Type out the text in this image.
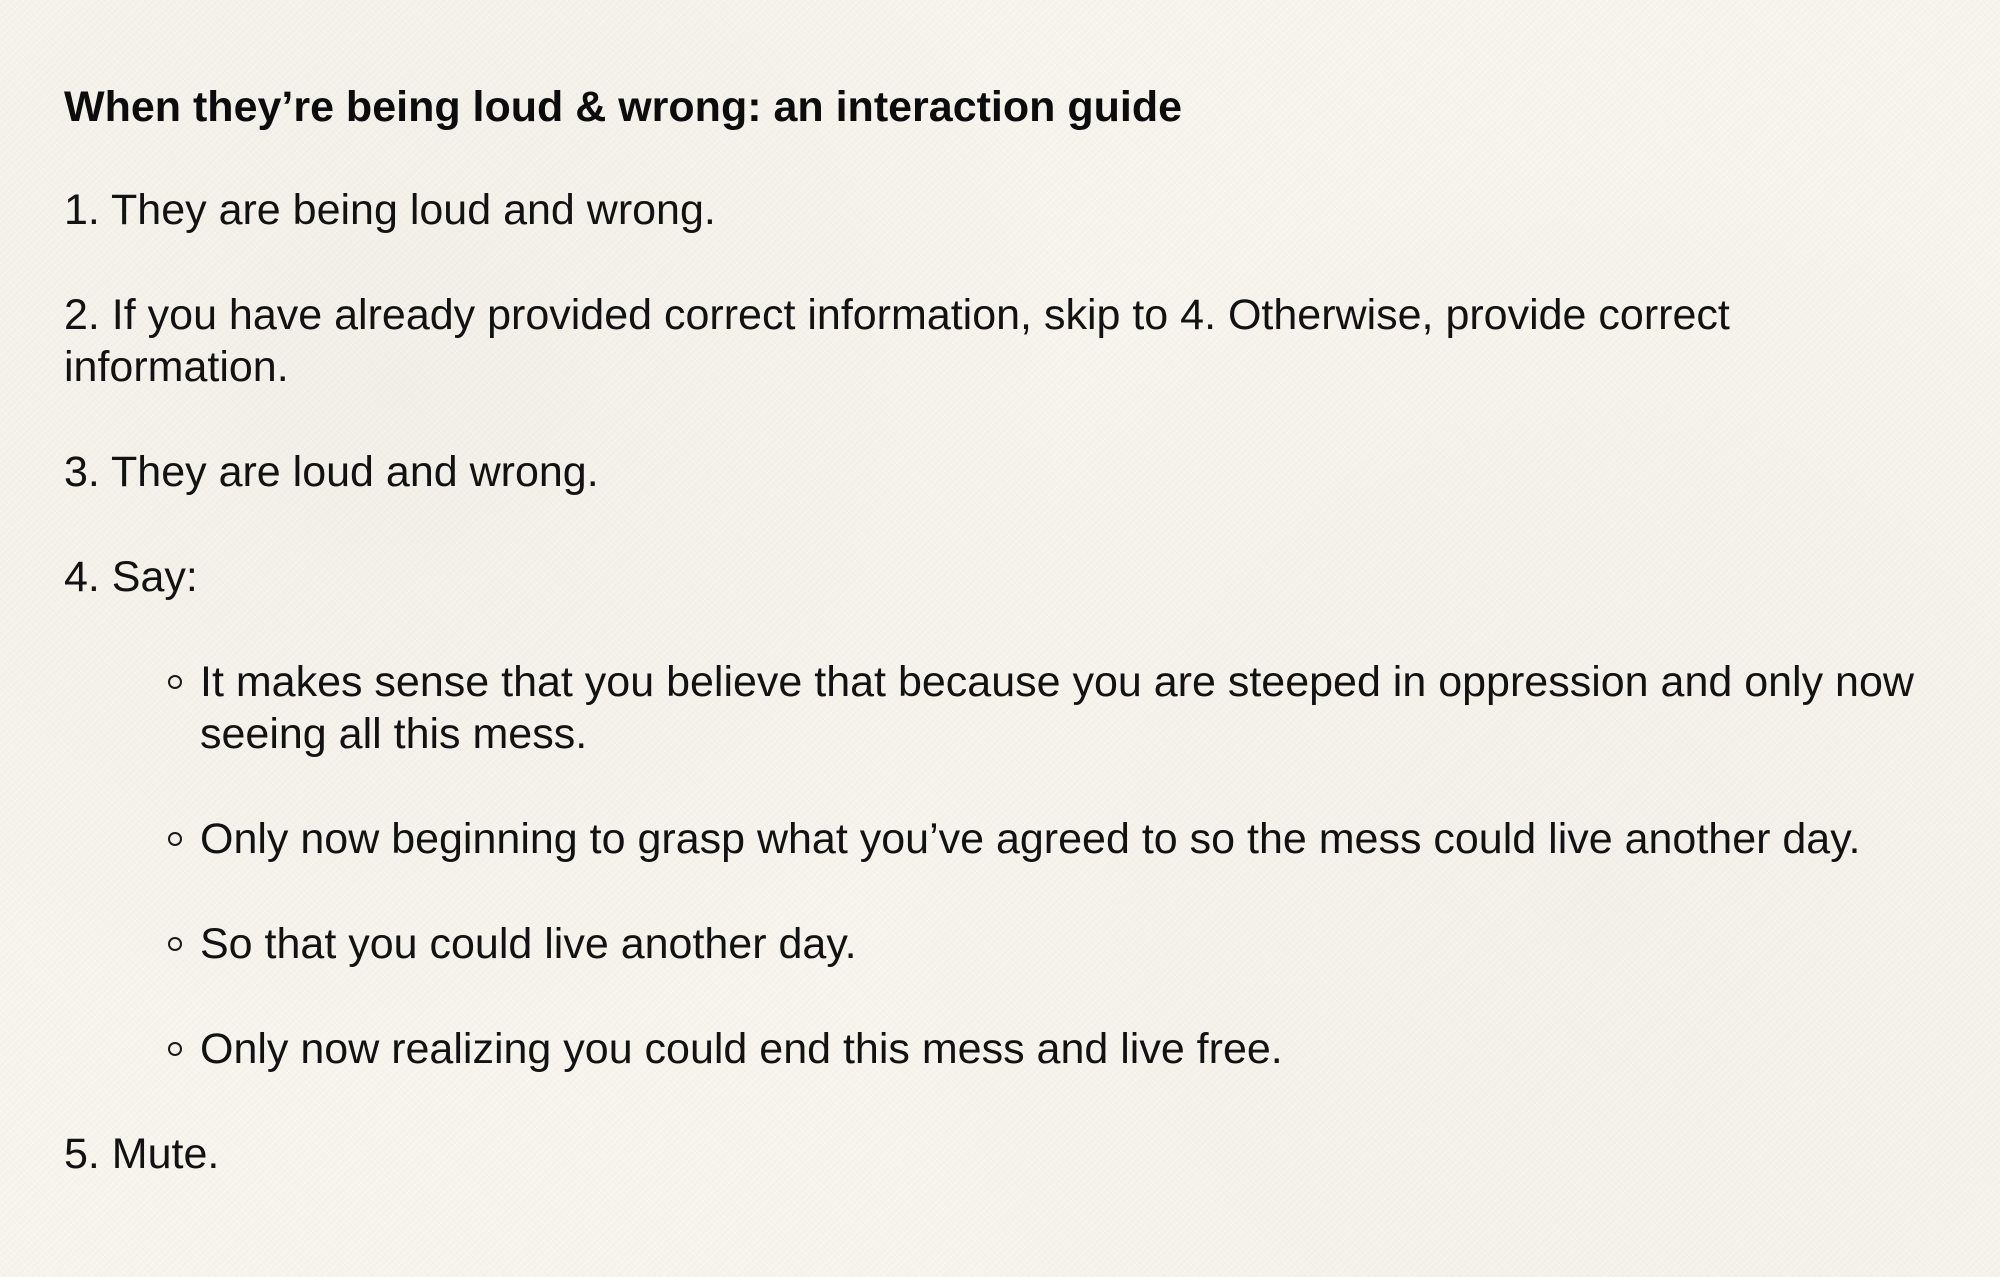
When they’re being loud & wrong: an interaction guide
1. They are being loud and wrong.
2. If you have already provided correct information, skip to 4. Otherwise, provide correct information.
3. They are loud and wrong.
4. Say:
It makes sense that you believe that because you are steeped in oppression and only now seeing all this mess.
Only now beginning to grasp what you’ve agreed to so the mess could live another day.
So that you could live another day.
Only now realizing you could end this mess and live free.
5. Mute.
